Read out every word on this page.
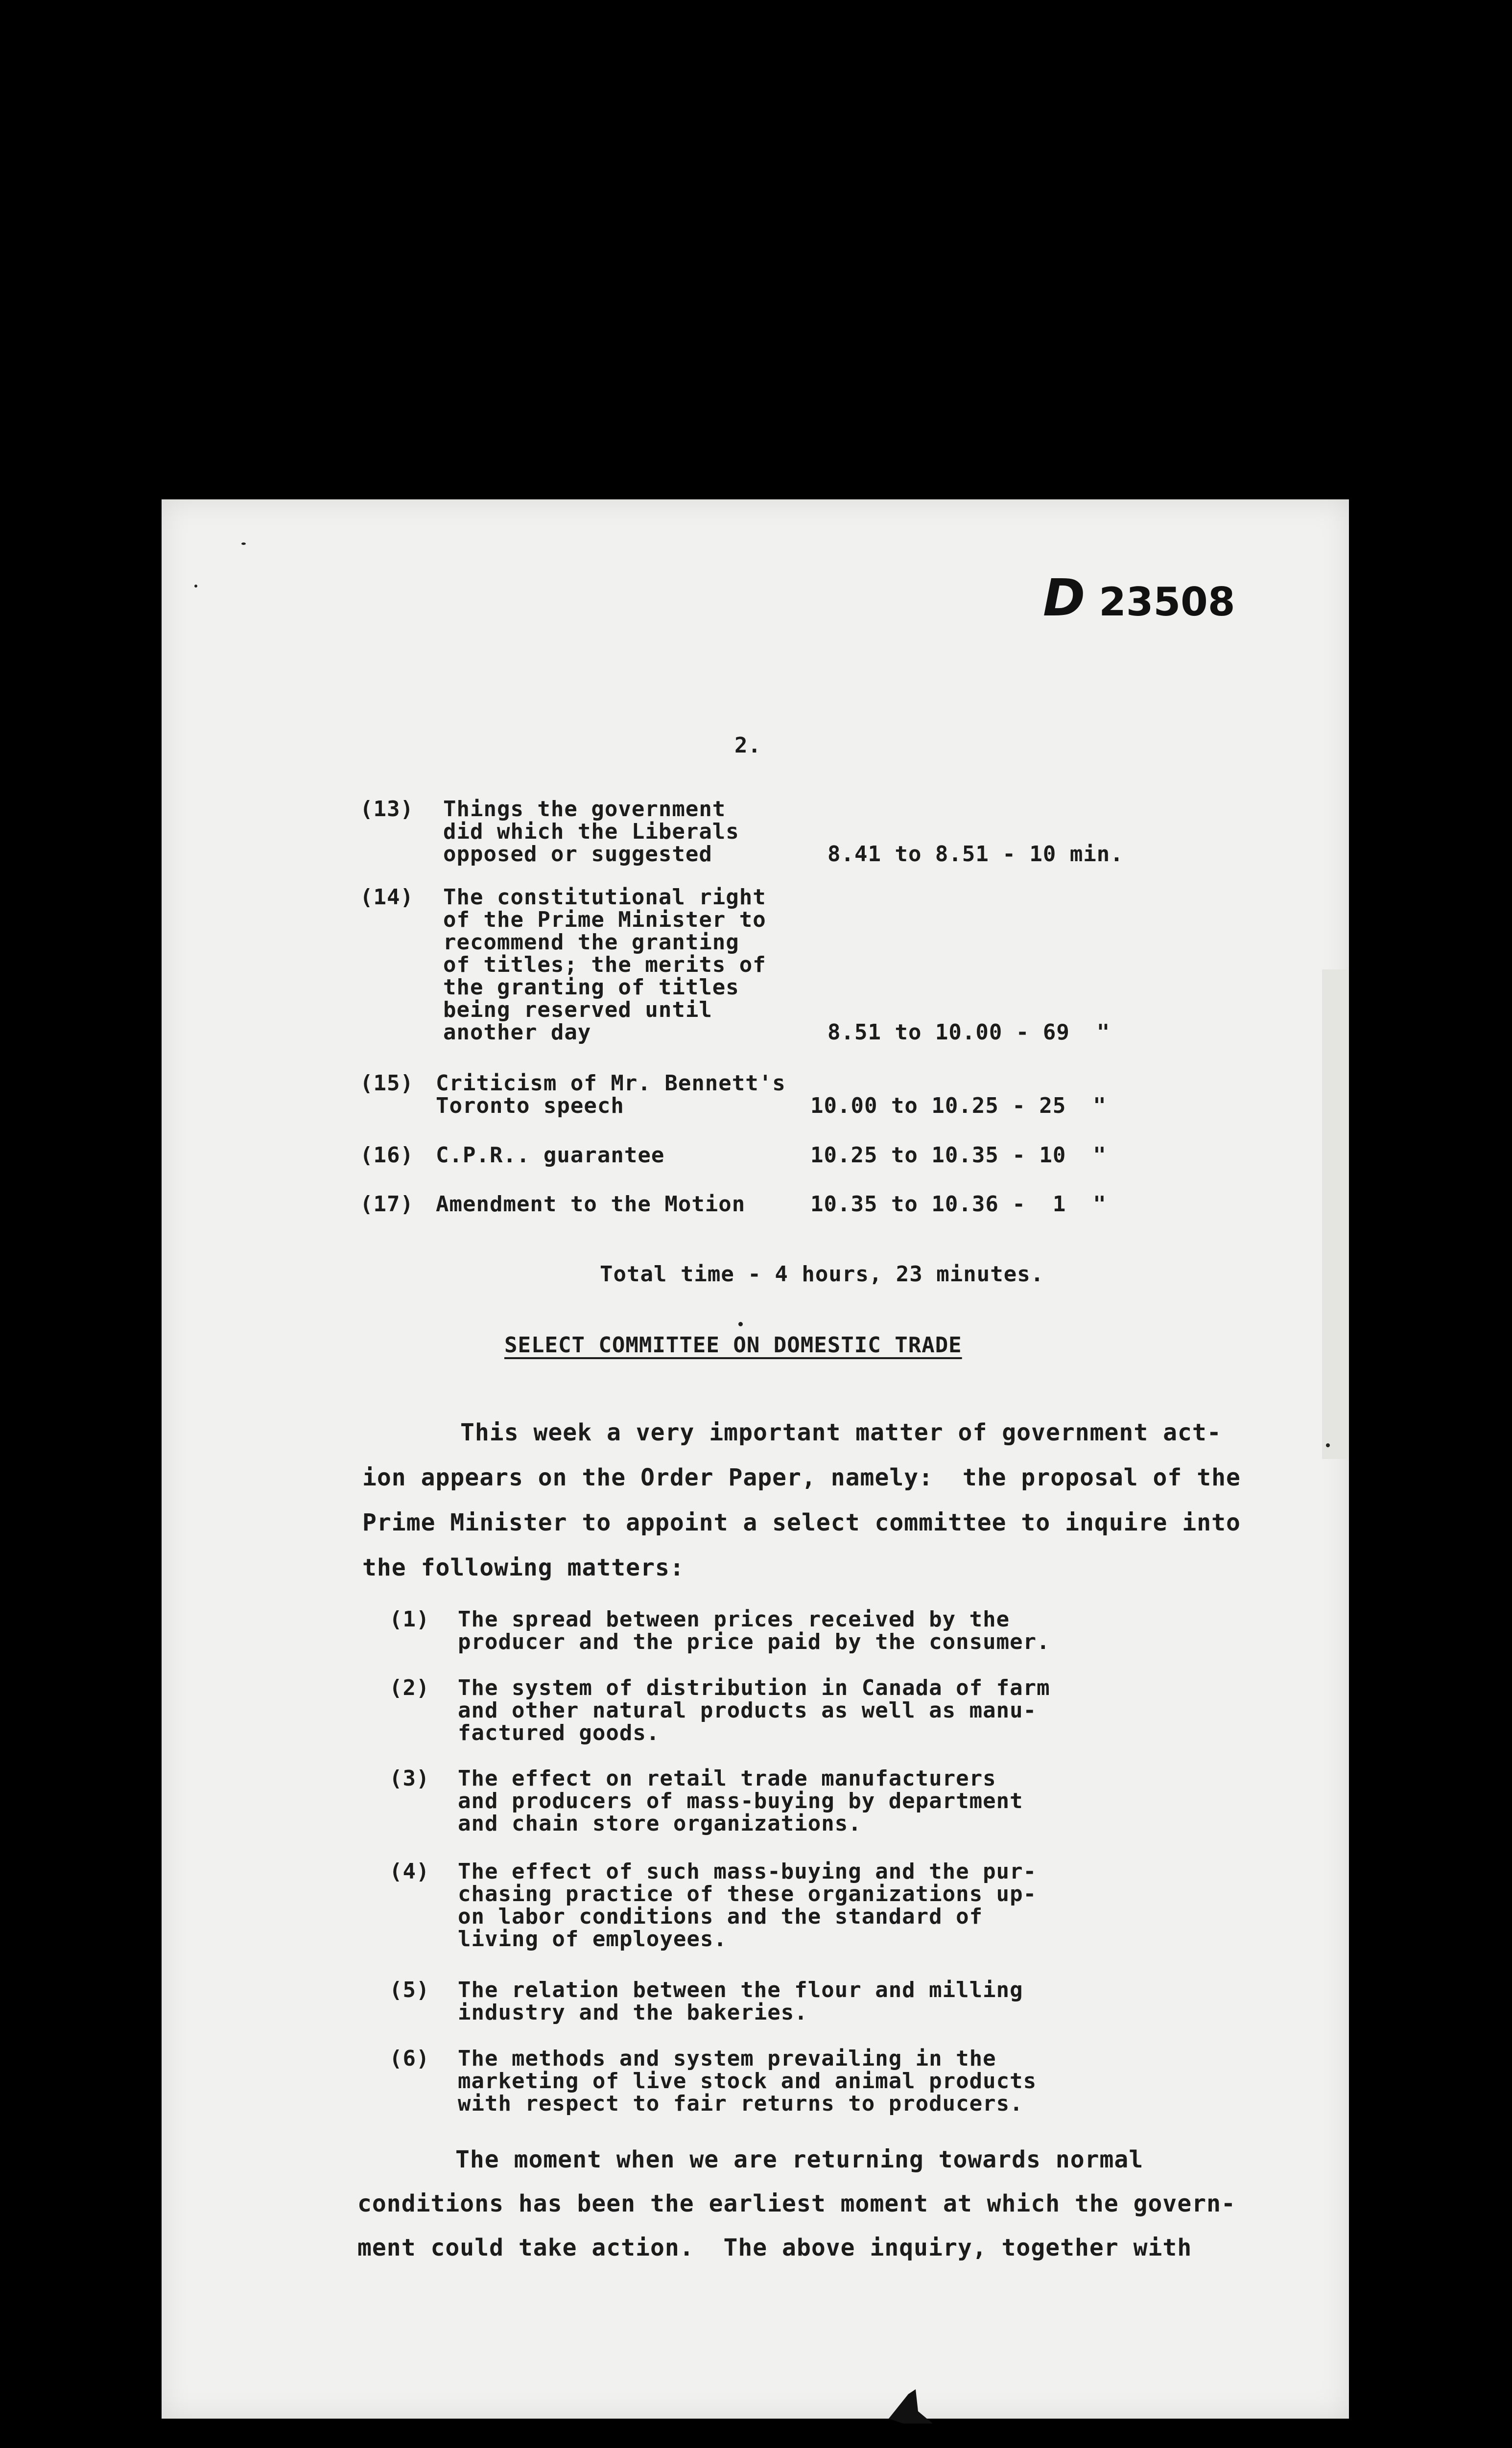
D 23508
2.
(13) Things the government
did which the Liberals
opposed or suggested	8.41 to 8.51 - 10 min.
(14) The constitutional right
of the Prime Minister to
recommend the granting
of titles; the merits of
the granting of titles
being reserved until
another day	8.51 to 10.00 - 69  "
(15) Criticism of Mr. Bennett's
Toronto speech	10.00 to 10.25 - 25  "
(16) C.P.R.. guarantee	10.25 to 10.35 - 10  "
(17) Amendment to the Motion	10.35 to 10.36 -  1  "
Total time - 4 hours, 23 minutes.
SELECT COMMITTEE ON DOMESTIC TRADE
This week a very important matter of government act-
ion appears on the Order Paper, namely:  the proposal of the
Prime Minister to appoint a select committee to inquire into
the following matters:
(1) The spread between prices received by the
producer and the price paid by the consumer.
(2) The system of distribution in Canada of farm
and other natural products as well as manu-
factured goods.
(3) The effect on retail trade manufacturers
and producers of mass-buying by department
and chain store organizations.
(4) The effect of such mass-buying and the pur-
chasing practice of these organizations up-
on labor conditions and the standard of
living of employees.
(5) The relation between the flour and milling
industry and the bakeries.
(6) The methods and system prevailing in the
marketing of live stock and animal products
with respect to fair returns to producers.
The moment when we are returning towards normal
conditions has been the earliest moment at which the govern-
ment could take action.  The above inquiry, together with
